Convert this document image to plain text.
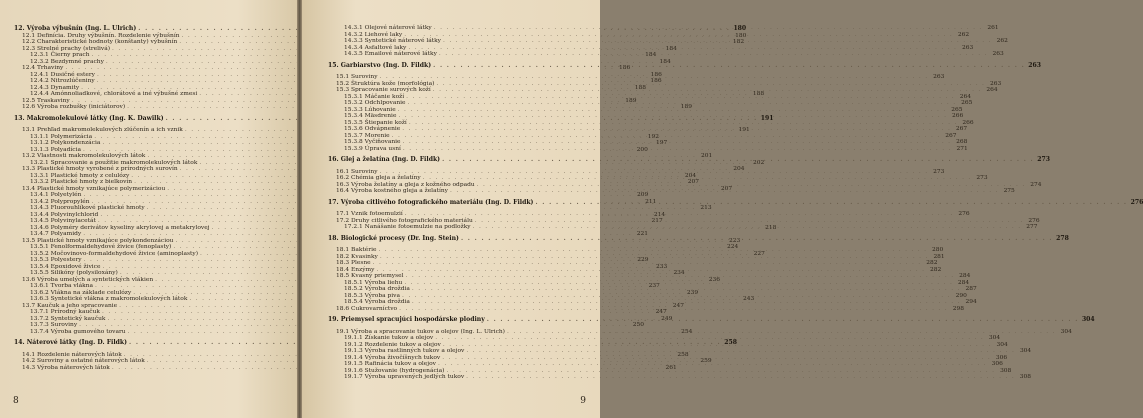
12. Výroba výbušnín (Ing. L. Ulrich) . . .	180
12.1 Definícia. Druhy výbušnín. Rozdelenie výbušnín . . .	180
12.2 Charakteristické hodnoty (konštanty) výbušnín . . .	182
12.3 Strelné prachy (strelivá) . . .	184
12.3.1 Čierny prach . . .	184
12.3.2 Bezdymné prachy . . .	184
12.4 Trhaviny . . .	186
12.4.1 Dusičné estery . . .	186
12.4.2 Nitrozlúčeniny . . .	186
12.4.3 Dynamity . . .	188
12.4.4 Amónnoliadkové, chlorátové a iné výbušné zmesi . . .	188
12.5 Traskaviny . . .	189
12.6 Výroba rozbušky (iniciátorov) . . .	189
13. Makromolekulové látky (Ing. K. Dawilk) . . .	191
13.1 Prehľad makromolekulových zlúčenín a ich vznik . . .	191
13.1.1 Polymerizácia . . .	192
13.1.2 Polykondenzácia . . .	197
13.1.3 Polyadícia . . .	200
13.2 Vlastnosti makromolekulových látok . . .	201
13.2.1 Spracovanie a použitie makromolekulových látok . . .	202
13.3 Plastické hmoty vyrobené z prírodných surovín . . .	204
13.3.1 Plastické hmoty z celulózy . . .	204
13.3.2 Plastické hmoty z bielkovín . . .	207
13.4 Plastické hmoty vznikajúce polymerizáciou . . .	207
13.4.1 Polyetylén . . .	209
13.4.2 Polypropylén . . .	211
13.4.3 Fluorouhlíkové plastické hmoty . . .	213
13.4.4 Polyvinylchlorid . . .	214
13.4.5 Polyvinylacetát . . .	217
13.4.6 Polyméry derivátov kyseliny akrylovej a metakrylovej . . .	218
13.4.7 Polyamidy . . .	221
13.5 Plastické hmoty vznikajúce polykondenzáciou . . .	223
13.5.1 Fenolformaldehydové živice (fenoplasty) . . .	224
13.5.2 Močovinovo-formaldehydové živice (aminoplasty) . . .	227
13.5.3 Polyestery . . .	229
13.5.4 Epoxidové živice . . .	233
13.5.5 Silikóny (polysiloxány) . . .	234
13.6 Výroba umelých a syntetických vlákien . . .	236
13.6.1 Tvorba vlákna . . .	237
13.6.2 Vlákna na základe celulózy . . .	239
13.6.3 Syntetické vlákna z makromolekulových látok . . .	243
13.7 Kaučuk a jeho spracovanie . . .	247
13.7.1 Prírodný kaučuk . . .	247
13.7.2 Syntetický kaučuk . . .	249
13.7.3 Suroviny . . .	250
13.7.4 Výroba gumového tovaru . . .	254
14. Náterové látky (Ing. D. Fildk) . . .	258
14.1 Rozdelenie náterových látok . . .	258
14.2 Suroviny a ostatné náterových látok . . .	259
14.3 Výroba náterových látok . . .	261
8
14.3.1 Olejové náterové látky . . .	261
14.3.2 Liehové laky . . .	262
14.3.3 Syntetické náterové látky . . .	262
14.3.4 Asfaltové laky . . .	263
14.3.5 Emailové náterové látky . . .	263
15. Garbiarstvo (Ing. D. Fildk) . . .	263
15.1 Suroviny . . .	263
15.2 Štruktúra kože (morfológia) . . .	263
15.3 Spracovanie surových koží . . .	264
15.3.1 Máčanie koží . . .	264
15.3.2 Odchlpovanie . . .	265
15.3.3 Lúhovanie . . .	265
15.3.4 Mäsdrenie . . .	266
15.3.5 Štiepanie koží . . .	266
15.3.6 Odvápnenie . . .	267
15.3.7 Morenie . . .	267
15.3.8 Vyčiňovanie . . .	268
15.3.9 Úprava usní . . .	271
16. Glej a želatína (Ing. D. Fildk) . . .	273
16.1 Suroviny . . .	273
16.2 Chémia gleja a želatíny . . .	273
16.3 Výroba želatíny a gleja z kožného odpadu . . .	274
16.4 Výroba kostného gleja a želatíny . . .	275
17. Výroba citlivého fotografického materiálu (Ing. D. Fildk) . . .	276
17.1 Vznik fotoemulzií . . .	276
17.2 Druhy citlivého fotografického materiálu . . .	276
17.2.1 Nanášanie fotoemulzie na podložky . . .	277
18. Biologické procesy (Dr. Ing. Stein) . . .	278
18.1 Baktérie . . .	280
18.2 Kvasinky . . .	281
18.3 Plesne . . .	282
18.4 Enzýmy . . .	282
18.5 Kvasný priemysel . . .	284
18.5.1 Výroba liehu . . .	284
18.5.2 Výroba droždia . . .	287
18.5.3 Výroba piva . . .	290
18.5.4 Výroba droždia . . .	294
18.6 Cukrovarníctvo . . .	298
19. Priemysel spracujúci hospodárske plodiny . . .	304
19.1 Výroba a spracovanie tukov a olejov (Ing. L. Ulrich) . . .	304
19.1.1 Získanie tukov a olejov . . .	304
19.1.2 Rozdelenie tukov a olejov . . .	304
19.1.3 Výroba rastlinných tukov a olejov . . .	304
19.1.4 Výroba živočíšnych tukov . . .	306
19.1.5 Rafinácia tukov a olejov . . .	306
19.1.6 Stužovanie (hydrogenácia) . . .	308
19.1.7 Výroba upravených jedlých tukov . . .	308
9
